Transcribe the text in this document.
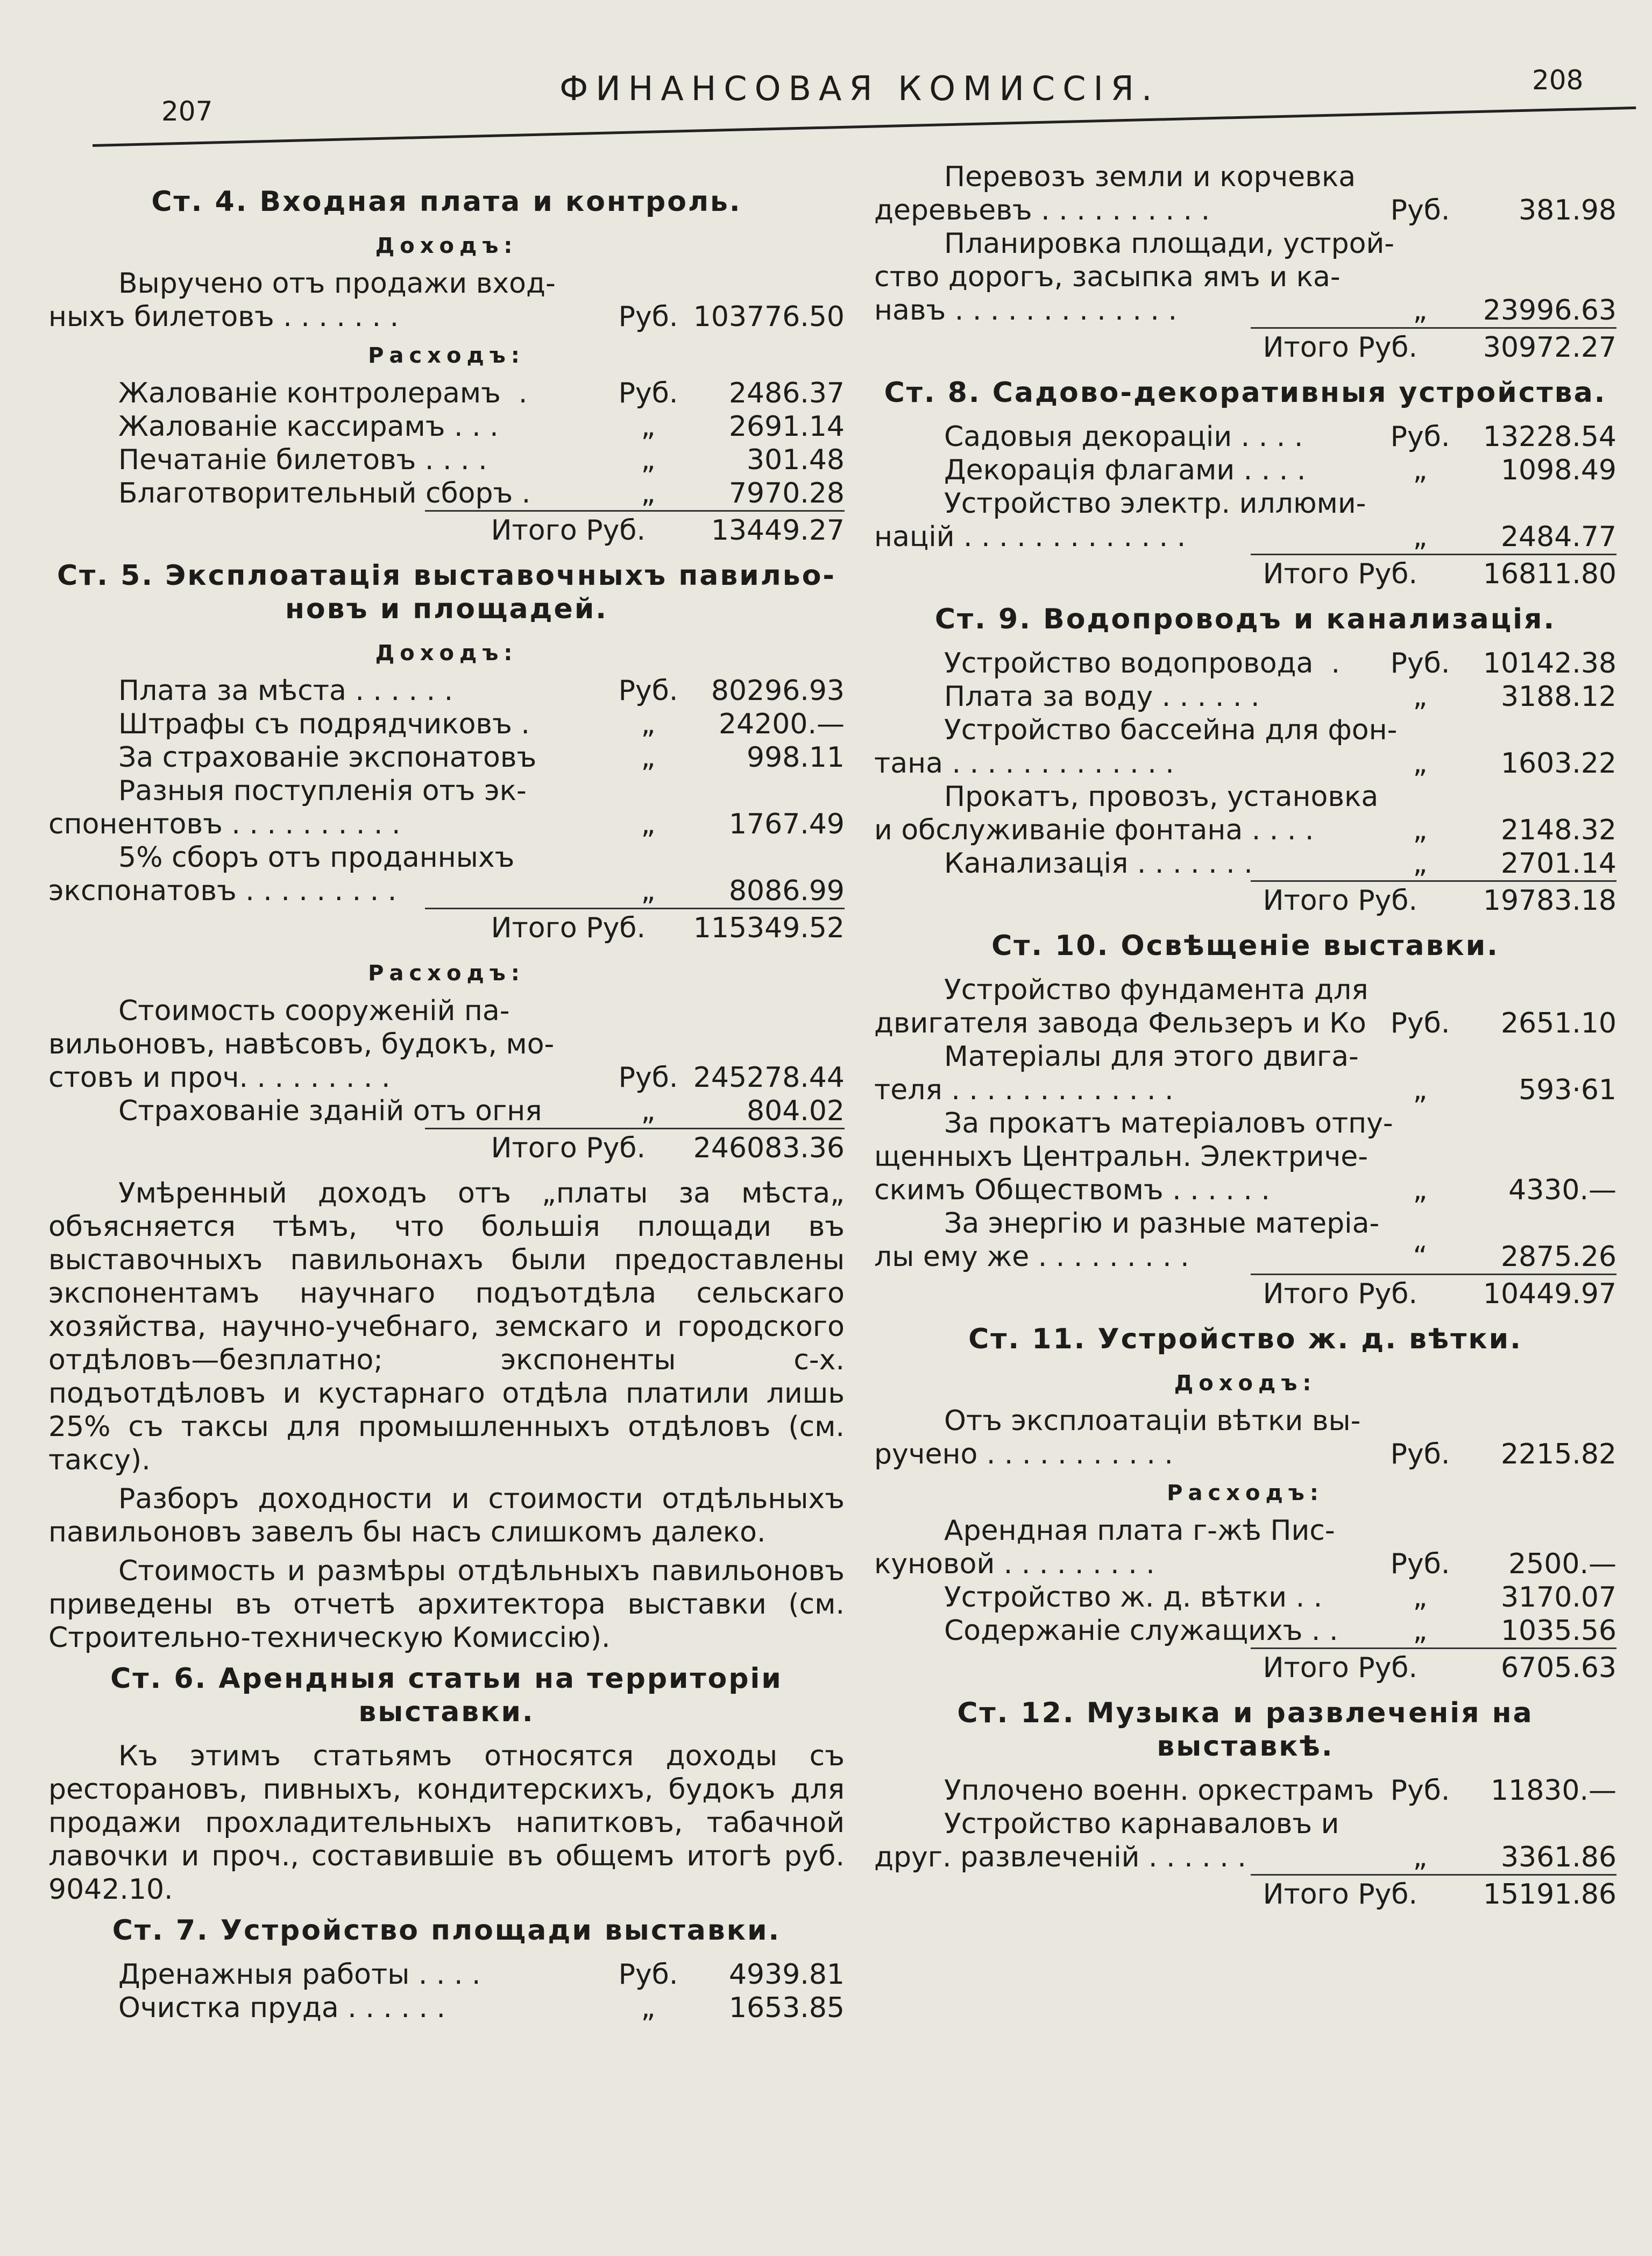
207
ФИНАНСОВАЯ КОМИССІЯ.	208
Ст. 4. Входная плата и контроль.
Доходъ:
Выручено отъ продажи вход-
ныхъ билетовъ . . . . . . .	Руб. 103776.50
Расходъ:
Жалованіе контролерамъ  .	Руб.	2486.37
Жалованіе кассирамъ . . .	„	2691.14
Печатаніе билетовъ . . . .	„	301.48
Благотворительный сборъ .	„	7970.28
Итого Руб.	13449.27
Ст. 5. Эксплоатація выставочныхъ павильо-
новъ и площадей.
Доходъ:
Плата за мѣста . . . . . .	Руб.	80296.93
Штрафы съ подрядчиковъ .	„	24200.—
За страхованіе экспонатовъ	„	998.11
Разныя поступленія отъ эк-
спонентовъ . . . . . . . . . .	„	1767.49
5% сборъ отъ проданныхъ
экспонатовъ . . . . . . . . .	„	8086.99
Итого Руб.	115349.52
Расходъ:
Стоимость сооруженій па-
вильоновъ, навѣсовъ, будокъ, мо-
стовъ и проч. . . . . . . . .	Руб. 245278.44
Страхованіе зданій отъ огня	„	804.02
Итого Руб.	246083.36

Умѣренный доходъ отъ „платы за мѣста„ объясняется тѣмъ, что большія площади въ выставочныхъ павильонахъ были предоставлены экспонентамъ научнаго подъотдѣла сельскаго хозяйства, научно-учебнаго, земскаго и городского отдѣловъ—безплатно; экспоненты с-х. подъотдѣловъ и кустарнаго отдѣла платили лишь 25% съ таксы для промышленныхъ отдѣловъ (см. таксу).

Разборъ доходности и стоимости отдѣльныхъ павильоновъ завелъ бы насъ слишкомъ далеко.

Стоимость и размѣры отдѣльныхъ павильоновъ приведены въ отчетѣ архитектора выставки (см. Строительно-техническую Комиссію).

Ст. 6. Арендныя статьи на территоріи
выставки.

Къ этимъ статьямъ относятся доходы съ ресторановъ, пивныхъ, кондитерскихъ, будокъ для продажи прохладительныхъ напитковъ, табачной лавочки и проч., составившіе въ общемъ итогѣ руб. 9042.10.

Ст. 7. Устройство площади выставки.
Дренажныя работы . . . .	Руб.	4939.81
Очистка пруда . . . . . .	„	1653.85
Перевозъ земли и корчевка
деревьевъ . . . . . . . . . .	Руб.	381.98
Планировка площади, устрой-
ство дорогъ, засыпка ямъ и ка-
навъ . . . . . . . . . . . . .	„	23996.63
Итого Руб.	30972.27
Ст. 8. Садово-декоративныя устройства.
Садовыя декораціи . . . .	Руб.	13228.54
Декорація флагами . . . .	„	1098.49
Устройство электр. иллюми-
націй . . . . . . . . . . . . .	„	2484.77
Итого Руб.	16811.80
Ст. 9. Водопроводъ и канализація.
Устройство водопровода  .	Руб.	10142.38
Плата за воду . . . . . .	„	3188.12
Устройство бассейна для фон-
тана . . . . . . . . . . . . .	„	1603.22
Прокатъ, провозъ, установка
и обслуживаніе фонтана . . . .	„	2148.32
Канализація . . . . . . .	„	2701.14
Итого Руб.	19783.18
Ст. 10. Освѣщеніе выставки.
Устройство фундамента для
двигателя завода Фельзеръ и Ко Руб.	2651.10
Матеріалы для этого двига-
теля . . . . . . . . . . . . .	„	593·61
За прокатъ матеріаловъ отпу-
щенныхъ Центральн. Электриче-
скимъ Обществомъ . . . . . .	„	4330.—
За энергію и разные матеріа-
лы ему же . . . . . . . . .	“	2875.26
Итого Руб.	10449.97
Ст. 11. Устройство ж. д. вѣтки.
Доходъ:
Отъ эксплоатаціи вѣтки вы-
ручено . . . . . . . . . . .	Руб.	2215.82
Расходъ:
Арендная плата г-жѣ Пис-
куновой . . . . . . . . .	Руб.	2500.—
Устройство ж. д. вѣтки . .	„	3170.07
Содержаніе служащихъ . .	„	1035.56
Итого Руб.	6705.63
Ст. 12. Музыка и развлеченія на выставкѣ.
Уплочено военн. оркестрамъ Руб.	11830.—
Устройство карнаваловъ и
друг. развлеченій . . . . . .	„	3361.86
Итого Руб.	15191.86
